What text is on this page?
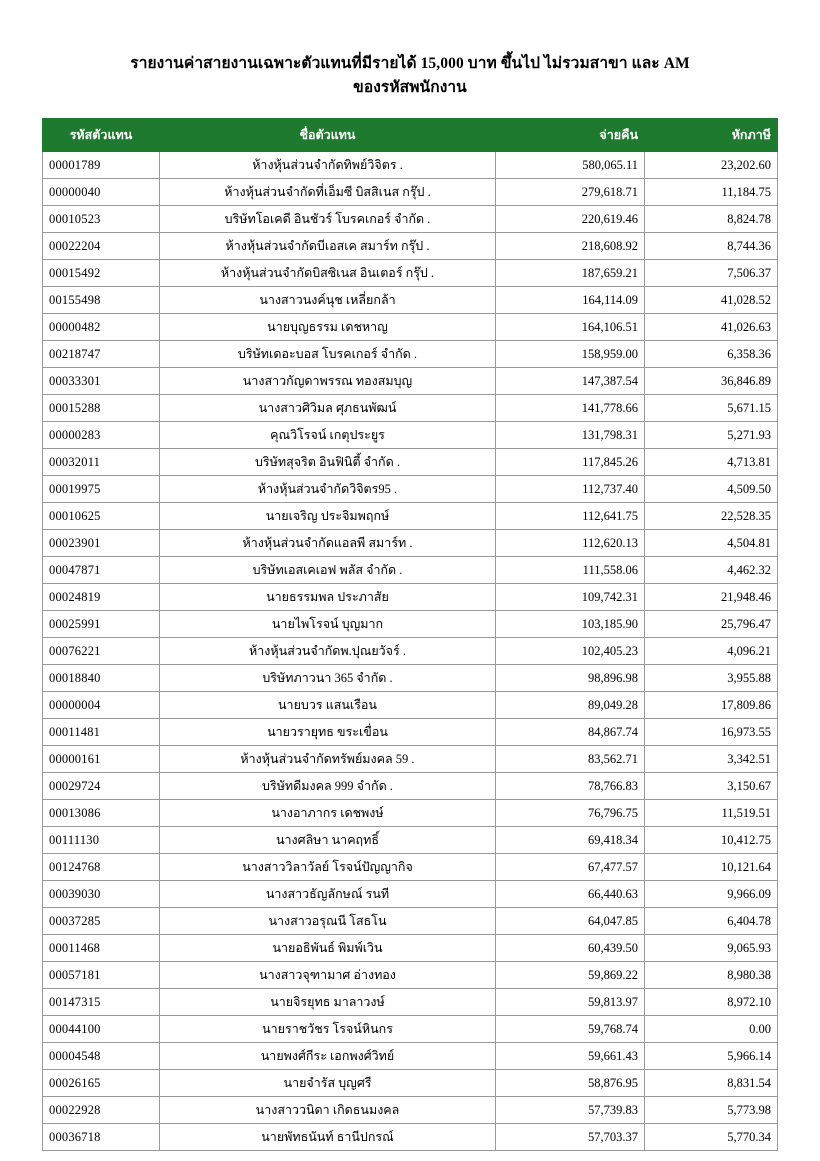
รายงานค่าสายงานเฉพาะตัวแทนที่มีรายได้ 15,000 บาท ขึ้นไป ไม่รวมสาขา และ AM
ของรหัสพนักงาน
รหัสตัวแทน	ชื่อตัวแทน	จ่ายคืน	หักภาษี
00001789	ห้างหุ้นส่วนจำกัดทิพย์วิจิตร .	580,065.11	23,202.60
00000040	ห้างหุ้นส่วนจำกัดที่เอ็มซี บิสสิเนส กรุ๊ป .	279,618.71	11,184.75
00010523	บริษัทโอเคดี อินชัวร์ โบรคเกอร์ จำกัด .	220,619.46	8,824.78
00022204	ห้างหุ้นส่วนจำกัดบีเอสเค สมาร์ท กรุ๊ป .	218,608.92	8,744.36
00015492	ห้างหุ้นส่วนจำกัดบิสซิเนส อินเตอร์ กรุ๊ป .	187,659.21	7,506.37
00155498	นางสาวนงค์นุช เหลี่ยกล้า	164,114.09	41,028.52
00000482	นายบุญธรรม เดชหาญ	164,106.51	41,026.63
00218747	บริษัทเดอะบอส โบรคเกอร์ จำกัด .	158,959.00	6,358.36
00033301	นางสาวกัญดาพรรณ ทองสมบุญ	147,387.54	36,846.89
00015288	นางสาวศิวิมล ศุภธนพัฒน์	141,778.66	5,671.15
00000283	คุณวิโรจน์ เกตุประยูร	131,798.31	5,271.93
00032011	บริษัทสุจริต อินฟินิตี้ จำกัด .	117,845.26	4,713.81
00019975	ห้างหุ้นส่วนจำกัดวิจิตร95 .	112,737.40	4,509.50
00010625	นายเจริญ ประจิมพฤกษ์	112,641.75	22,528.35
00023901	ห้างหุ้นส่วนจำกัดแอลพี สมาร์ท .	112,620.13	4,504.81
00047871	บริษัทเอสเคเอฟ พลัส จำกัด .	111,558.06	4,462.32
00024819	นายธรรมพล ประภาสัย	109,742.31	21,948.46
00025991	นายไพโรจน์ บุญมาก	103,185.90	25,796.47
00076221	ห้างหุ้นส่วนจำกัดพ.ปุณยวัจร์ .	102,405.23	4,096.21
00018840	บริษัทภาวนา 365 จำกัด .	98,896.98	3,955.88
00000004	นายบวร แสนเรือน	89,049.28	17,809.86
00011481	นายวรายุทธ ขระเขื่อน	84,867.74	16,973.55
00000161	ห้างหุ้นส่วนจำกัดทรัพย์มงคล 59 .	83,562.71	3,342.51
00029724	บริษัทดีมงคล 999 จำกัด .	78,766.83	3,150.67
00013086	นางอาภากร เดชพงษ์	76,796.75	11,519.51
00111130	นางศลิษา นาคฤทธิ์	69,418.34	10,412.75
00124768	นางสาววิลาวัลย์ โรจน์ปัญญากิจ	67,477.57	10,121.64
00039030	นางสาวธัญลักษณ์ รนที	66,440.63	9,966.09
00037285	นางสาวอรุณนี โสธโน	64,047.85	6,404.78
00011468	นายอธิพันธ์ พิมพ์เวิน	60,439.50	9,065.93
00057181	นางสาวจุฑามาศ อ่างทอง	59,869.22	8,980.38
00147315	นายจิรยุทธ มาลาวงษ์	59,813.97	8,972.10
00044100	นายราชวัชร โรจน์หินกร	59,768.74	0.00
00004548	นายพงศ์กีระ เอกพงศ์วิทย์	59,661.43	5,966.14
00026165	นายจำรัส บุญศรี	58,876.95	8,831.54
00022928	นางสาววนิดา เกิดธนมงคล	57,739.83	5,773.98
00036718	นายพัทธนันท์ ธานีปกรณ์	57,703.37	5,770.34
